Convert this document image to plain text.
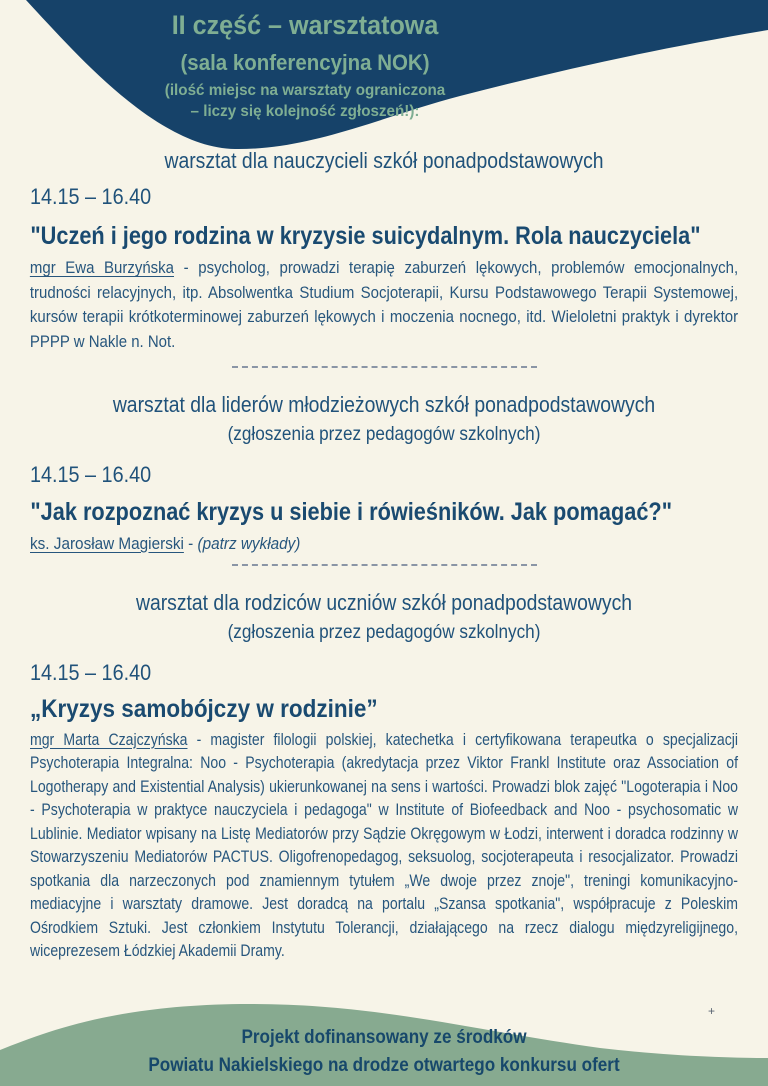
II część – warsztatowa
(sala konferencyjna NOK)
(ilość miejsc na warsztaty ograniczona
– liczy się kolejność zgłoszeń!):
warsztat dla nauczycieli szkół ponadpodstawowych
14.15 – 16.40
"Uczeń i jego rodzina w kryzysie suicydalnym. Rola nauczyciela"

mgr Ewa Burzyńska - psycholog, prowadzi terapię zaburzeń lękowych, problemów emocjonalnych, trudności relacyjnych, itp. Absolwentka Studium Socjoterapii, Kursu Podstawowego Terapii Systemowej, kursów terapii krótkoterminowej zaburzeń lękowych i moczenia nocnego, itd. Wieloletni praktyk i dyrektor PPPP w Nakle n. Not.

warsztat dla liderów młodzieżowych szkół ponadpodstawowych
(zgłoszenia przez pedagogów szkolnych)
14.15 – 16.40
"Jak rozpoznać kryzys u siebie i rówieśników. Jak pomagać?"

ks. Jarosław Magierski - (patrz wykłady)

warsztat dla rodziców uczniów szkół ponadpodstawowych
(zgłoszenia przez pedagogów szkolnych)
14.15 – 16.40
„Kryzys samobójczy w rodzinie”

mgr Marta Czajczyńska - magister filologii polskiej, katechetka i certyfikowana terapeutka o specjalizacji Psychoterapia Integralna: Noo - Psychoterapia (akredytacja przez Viktor Frankl Institute oraz Association of Logotherapy and Existential Analysis) ukierunkowanej na sens i wartości. Prowadzi blok zajęć "Logoterapia i Noo - Psychoterapia w praktyce nauczyciela i pedagoga" w Institute of Biofeedback and Noo - psychosomatic w Lublinie. Mediator wpisany na Listę Mediatorów przy Sądzie Okręgowym w Łodzi, interwent i doradca rodzinny w Stowarzyszeniu Mediatorów PACTUS. Oligofrenopedagog, seksuolog, socjoterapeuta i resocjalizator. Prowadzi spotkania dla narzeczonych pod znamiennym tytułem „We dwoje przez znoje", treningi komunikacyjno-mediacyjne i warsztaty dramowe. Jest doradcą na portalu „Szansa spotkania", współpracuje z Poleskim Ośrodkiem Sztuki. Jest członkiem Instytutu Tolerancji, działającego na rzecz dialogu międzyreligijnego, wiceprezesem Łódzkiej Akademii Dramy.

+
Projekt dofinansowany ze środków
Powiatu Nakielskiego na drodze otwartego konkursu ofert
